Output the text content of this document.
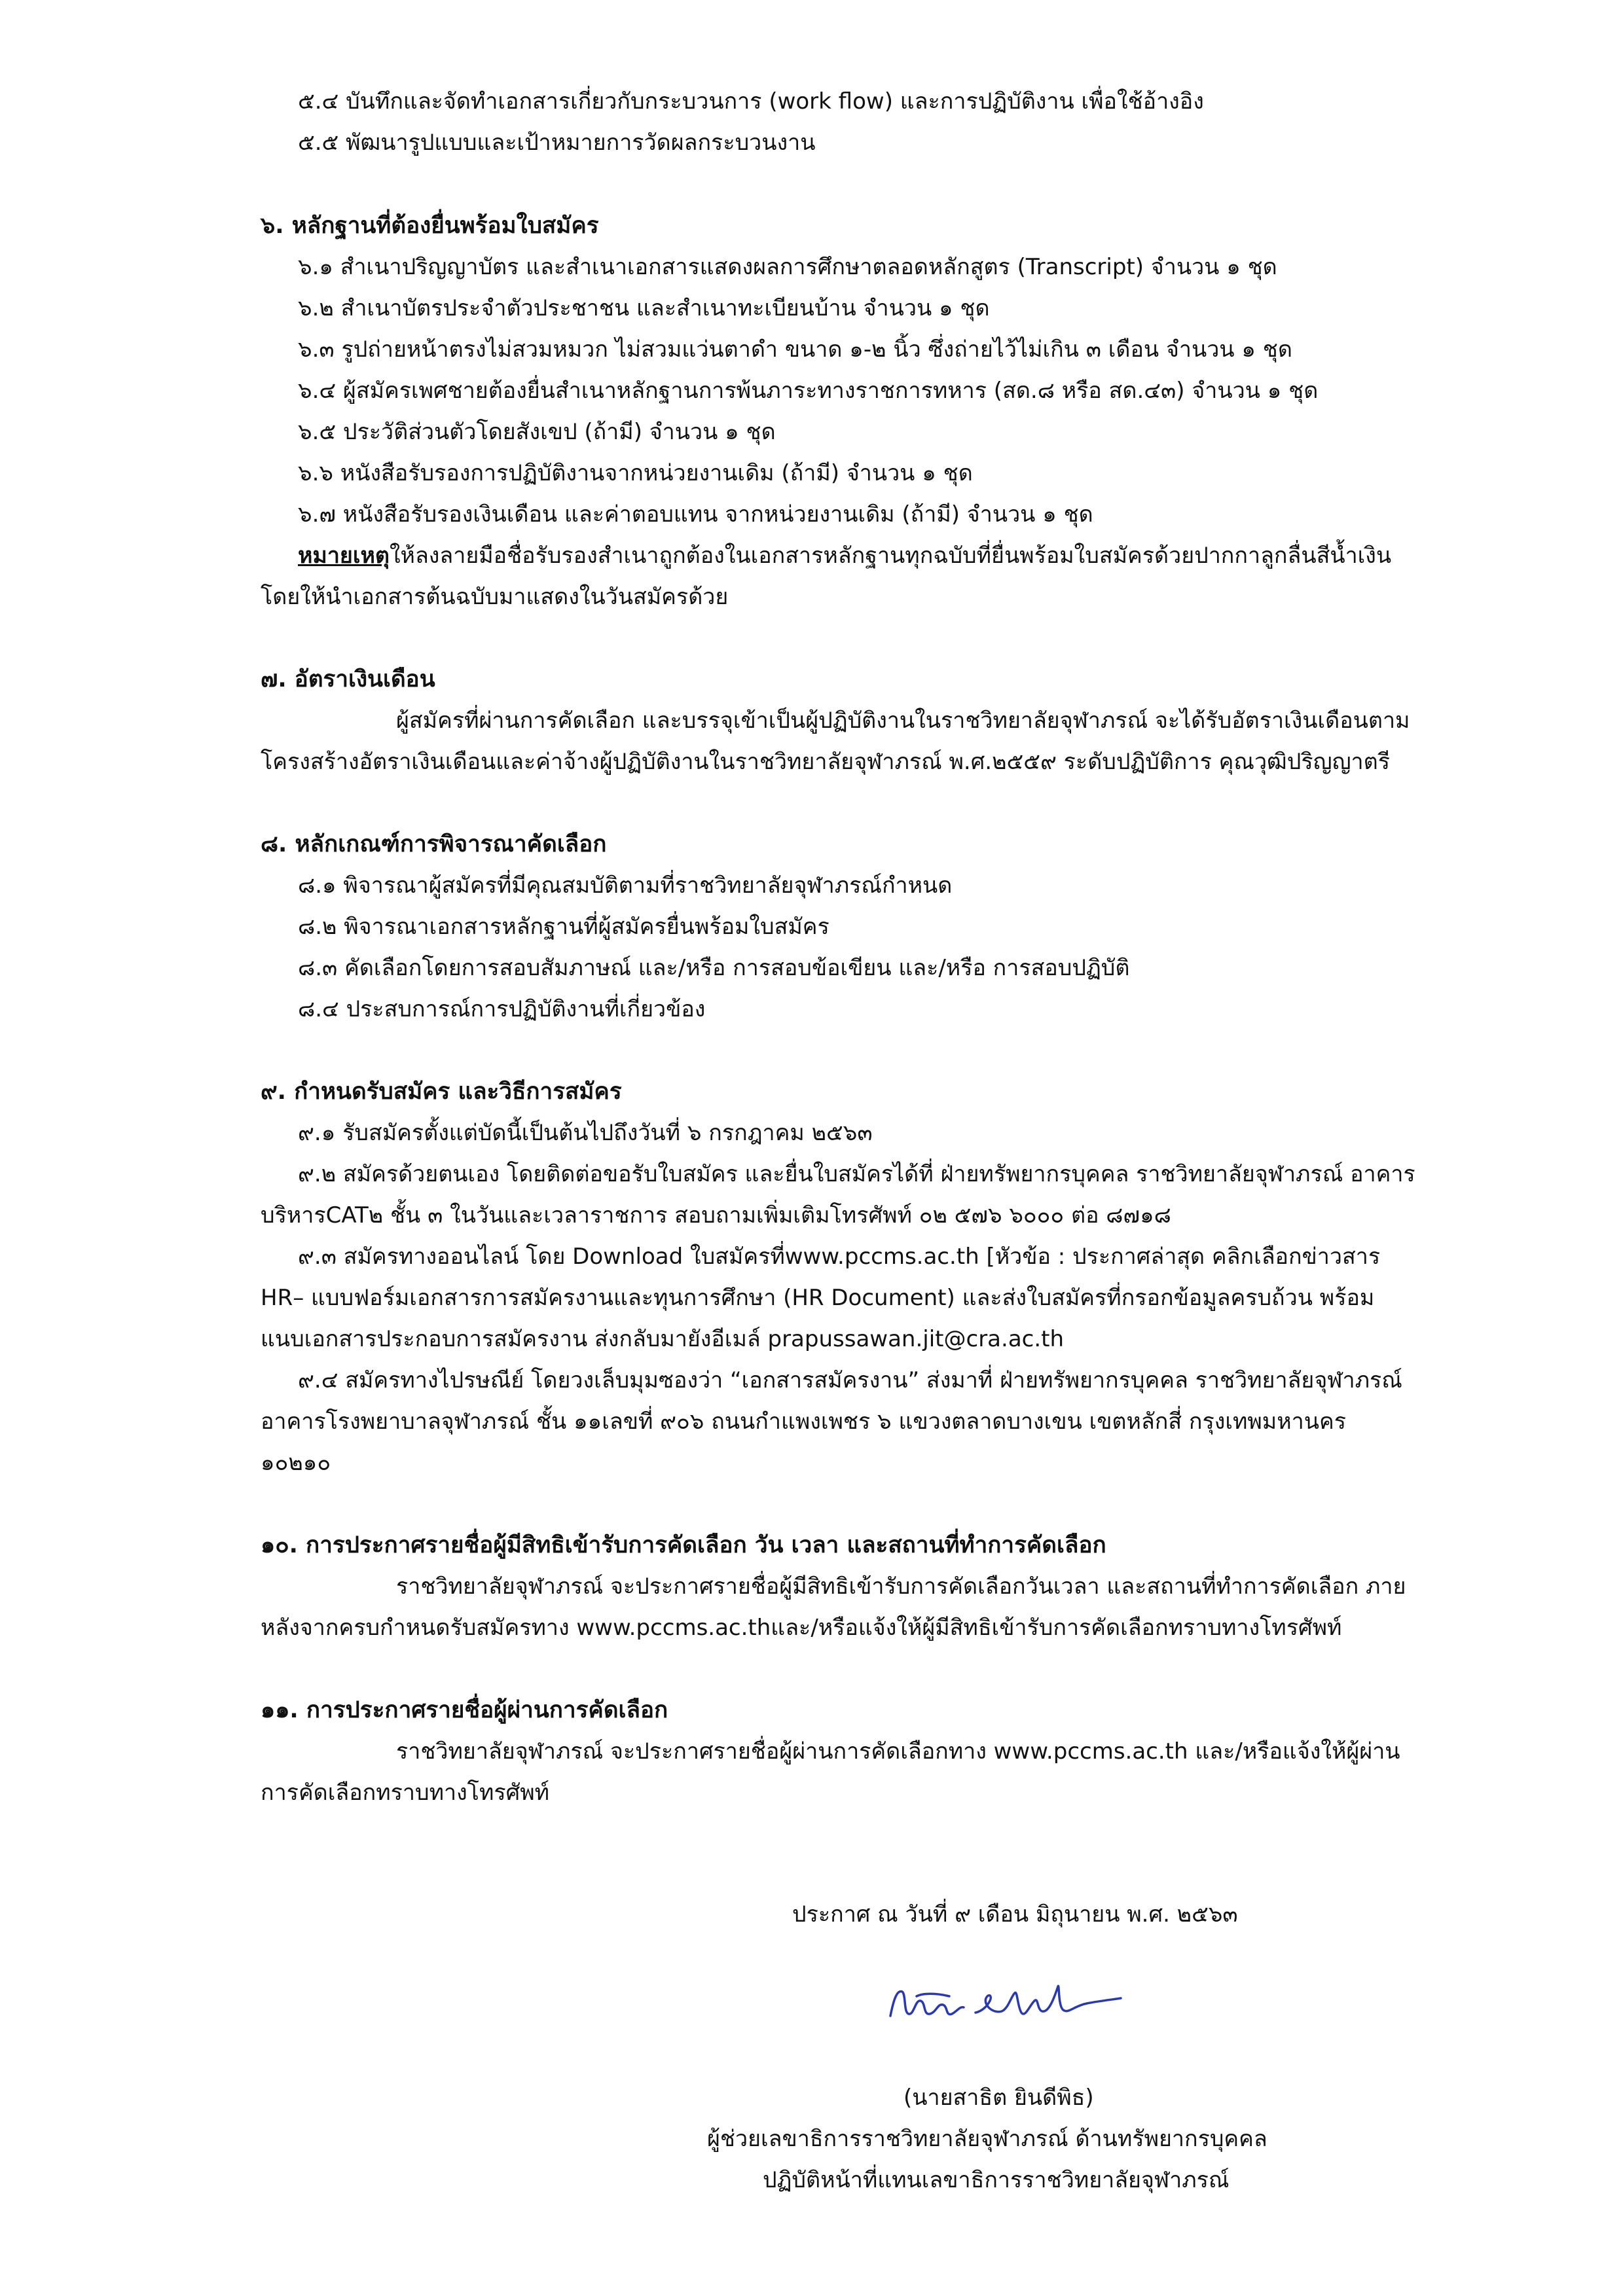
๕.๔ บันทึกและจัดทำเอกสารเกี่ยวกับกระบวนการ (work flow) และการปฏิบัติงาน เพื่อใช้อ้างอิง
๕.๕ พัฒนารูปแบบและเป้าหมายการวัดผลกระบวนงาน
๖. หลักฐานที่ต้องยื่นพร้อมใบสมัคร
๖.๑ สำเนาปริญญาบัตร และสำเนาเอกสารแสดงผลการศึกษาตลอดหลักสูตร (Transcript) จำนวน ๑ ชุด
๖.๒ สำเนาบัตรประจำตัวประชาชน และสำเนาทะเบียนบ้าน จำนวน ๑ ชุด
๖.๓ รูปถ่ายหน้าตรงไม่สวมหมวก ไม่สวมแว่นตาดำ ขนาด ๑-๒ นิ้ว ซึ่งถ่ายไว้ไม่เกิน ๓ เดือน จำนวน ๑ ชุด
๖.๔ ผู้สมัครเพศชายต้องยื่นสำเนาหลักฐานการพ้นภาระทางราชการทหาร (สด.๘ หรือ สด.๔๓) จำนวน ๑ ชุด
๖.๕ ประวัติส่วนตัวโดยสังเขป (ถ้ามี) จำนวน ๑ ชุด
๖.๖ หนังสือรับรองการปฏิบัติงานจากหน่วยงานเดิม (ถ้ามี) จำนวน ๑ ชุด
๖.๗ หนังสือรับรองเงินเดือน และค่าตอบแทน จากหน่วยงานเดิม (ถ้ามี) จำนวน ๑ ชุด
หมายเหตุให้ลงลายมือชื่อรับรองสำเนาถูกต้องในเอกสารหลักฐานทุกฉบับที่ยื่นพร้อมใบสมัครด้วยปากกาลูกลื่นสีน้ำเงิน
โดยให้นำเอกสารต้นฉบับมาแสดงในวันสมัครด้วย
๗. อัตราเงินเดือน
ผู้สมัครที่ผ่านการคัดเลือก และบรรจุเข้าเป็นผู้ปฏิบัติงานในราชวิทยาลัยจุฬาภรณ์ จะได้รับอัตราเงินเดือนตาม
โครงสร้างอัตราเงินเดือนและค่าจ้างผู้ปฏิบัติงานในราชวิทยาลัยจุฬาภรณ์ พ.ศ.๒๕๕๙ ระดับปฏิบัติการ คุณวุฒิปริญญาตรี
๘. หลักเกณฑ์การพิจารณาคัดเลือก
๘.๑ พิจารณาผู้สมัครที่มีคุณสมบัติตามที่ราชวิทยาลัยจุฬาภรณ์กำหนด
๘.๒ พิจารณาเอกสารหลักฐานที่ผู้สมัครยื่นพร้อมใบสมัคร
๘.๓ คัดเลือกโดยการสอบสัมภาษณ์ และ/หรือ การสอบข้อเขียน และ/หรือ การสอบปฏิบัติ
๘.๔ ประสบการณ์การปฏิบัติงานที่เกี่ยวข้อง
๙. กำหนดรับสมัคร และวิธีการสมัคร
๙.๑ รับสมัครตั้งแต่บัดนี้เป็นต้นไปถึงวันที่ ๖ กรกฎาคม ๒๕๖๓
๙.๒ สมัครด้วยตนเอง โดยติดต่อขอรับใบสมัคร และยื่นใบสมัครได้ที่ ฝ่ายทรัพยากรบุคคล ราชวิทยาลัยจุฬาภรณ์ อาคาร
บริหารCAT๒ ชั้น ๓ ในวันและเวลาราชการ สอบถามเพิ่มเติมโทรศัพท์ ๐๒ ๕๗๖ ๖๐๐๐ ต่อ ๘๗๑๘
๙.๓ สมัครทางออนไลน์ โดย Download ใบสมัครที่www.pccms.ac.th [หัวข้อ : ประกาศล่าสุด คลิกเลือกข่าวสาร
HR– แบบฟอร์มเอกสารการสมัครงานและทุนการศึกษา (HR Document) และส่งใบสมัครที่กรอกข้อมูลครบถ้วน พร้อม
แนบเอกสารประกอบการสมัครงาน ส่งกลับมายังอีเมล์ prapussawan.jit@cra.ac.th
๙.๔ สมัครทางไปรษณีย์ โดยวงเล็บมุมซองว่า “เอกสารสมัครงาน” ส่งมาที่ ฝ่ายทรัพยากรบุคคล ราชวิทยาลัยจุฬาภรณ์
อาคารโรงพยาบาลจุฬาภรณ์ ชั้น ๑๑เลขที่ ๙๐๖ ถนนกำแพงเพชร ๖ แขวงตลาดบางเขน เขตหลักสี่ กรุงเทพมหานคร
๑๐๒๑๐
๑๐. การประกาศรายชื่อผู้มีสิทธิเข้ารับการคัดเลือก วัน เวลา และสถานที่ทำการคัดเลือก
ราชวิทยาลัยจุฬาภรณ์ จะประกาศรายชื่อผู้มีสิทธิเข้ารับการคัดเลือกวันเวลา และสถานที่ทำการคัดเลือก ภาย
หลังจากครบกำหนดรับสมัครทาง www.pccms.ac.thและ/หรือแจ้งให้ผู้มีสิทธิเข้ารับการคัดเลือกทราบทางโทรศัพท์
๑๑. การประกาศรายชื่อผู้ผ่านการคัดเลือก
ราชวิทยาลัยจุฬาภรณ์ จะประกาศรายชื่อผู้ผ่านการคัดเลือกทาง www.pccms.ac.th และ/หรือแจ้งให้ผู้ผ่าน
การคัดเลือกทราบทางโทรศัพท์
ประกาศ ณ วันที่ ๙ เดือน มิถุนายน พ.ศ. ๒๕๖๓
(นายสาธิต ยินดีพิธ)
ผู้ช่วยเลขาธิการราชวิทยาลัยจุฬาภรณ์ ด้านทรัพยากรบุคคล
ปฏิบัติหน้าที่แทนเลขาธิการราชวิทยาลัยจุฬาภรณ์
